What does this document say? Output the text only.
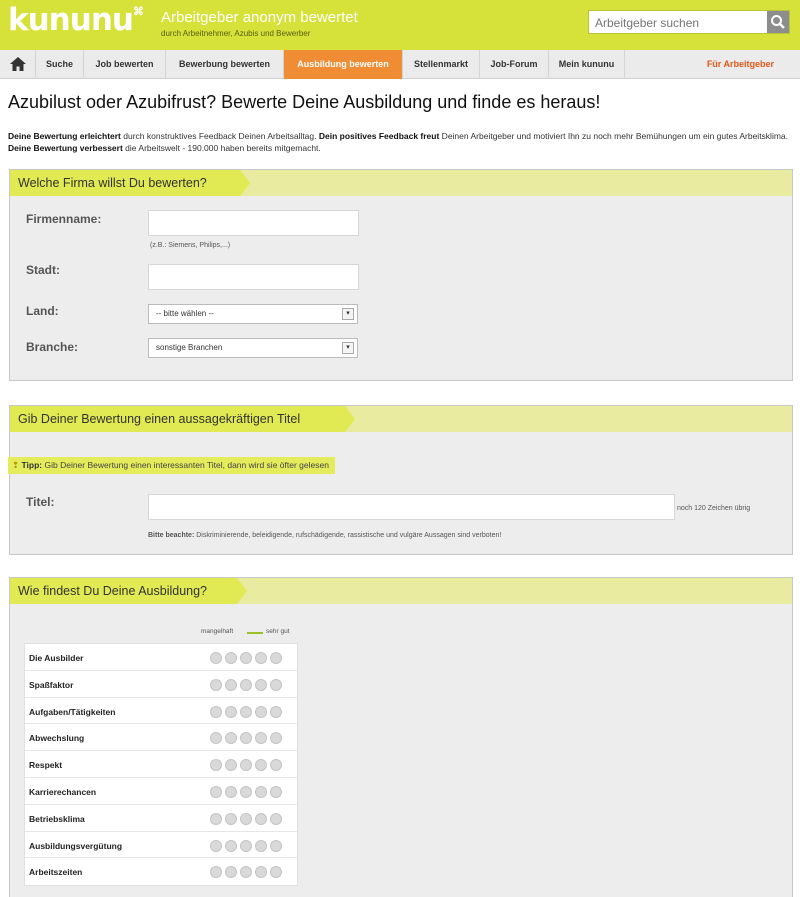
kununu ⌘ Arbeitgeber anonym bewertet
durch Arbeitnehmer, Azubis und Bewerber
Arbeitgeber suchen
Suche	Job bewerten	Bewerbung bewerten	Ausbildung bewerten	Stellenmarkt	Job-Forum	Mein kununu	Für Arbeitgeber
Azubilust oder Azubifrust? Bewerte Deine Ausbildung und finde es heraus!

Deine Bewertung erleichtert durch konstruktives Feedback Deinen Arbeitsalltag. Dein positives Feedback freut Deinen Arbeitgeber und motiviert Ihn zu noch mehr Bemühungen um ein gutes Arbeitsklima. Deine Bewertung verbessert die Arbeitswelt - 190.000 haben bereits mitgemacht.

Welche Firma willst Du bewerten?
Firmenname:
(z.B.: Siemens, Philips,...)
Stadt:
Land:	-- bitte wählen --	▾
Branche:	sonstige Branchen	▾
Gib Deiner Bewertung einen aussagekräftigen Titel
❢ Tipp: Gib Deiner Bewertung einen interessanten Titel, dann wird sie öfter gelesen
Titel:	noch 120 Zeichen übrig
Bitte beachte: Diskriminierende, beleidigende, rufschädigende, rassistische und vulgäre Aussagen sind verboten!
Wie findest Du Deine Ausbildung?
mangelhaft	sehr gut
Die Ausbilder
Spaßfaktor
Aufgaben/Tätigkeiten
Abwechslung
Respekt
Karrierechancen
Betriebsklima
Ausbildungsvergütung
Arbeitszeiten
